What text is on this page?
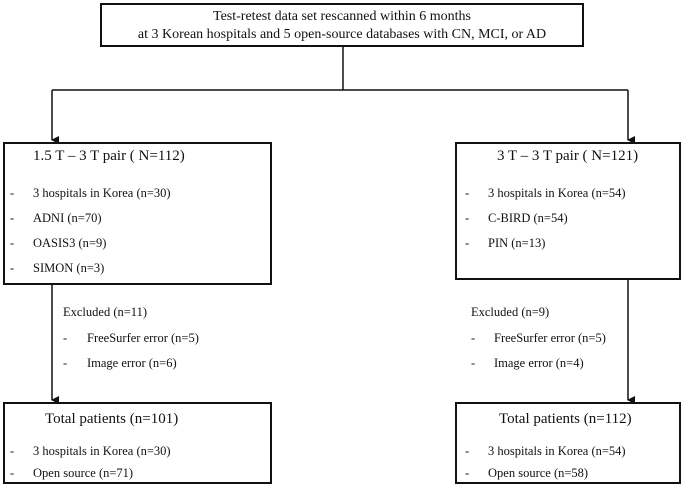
Test-retest data set rescanned within 6 months
at 3 Korean hospitals and 5 open-source databases with CN, MCI, or AD
1.5 T – 3 T pair ( N=112)
- 3 hospitals in Korea (n=30)
- ADNI (n=70)
- OASIS3 (n=9)
- SIMON (n=3)
3 T – 3 T pair ( N=121)
- 3 hospitals in Korea (n=54)
- C-BIRD (n=54)
- PIN (n=13)
Excluded (n=11)
- FreeSurfer error (n=5)
- Image error (n=6)
Excluded (n=9)
- FreeSurfer error (n=5)
- Image error (n=4)
Total patients (n=101)
- 3 hospitals in Korea (n=30)
- Open source (n=71)
Total patients (n=112)
- 3 hospitals in Korea (n=54)
- Open source (n=58)
